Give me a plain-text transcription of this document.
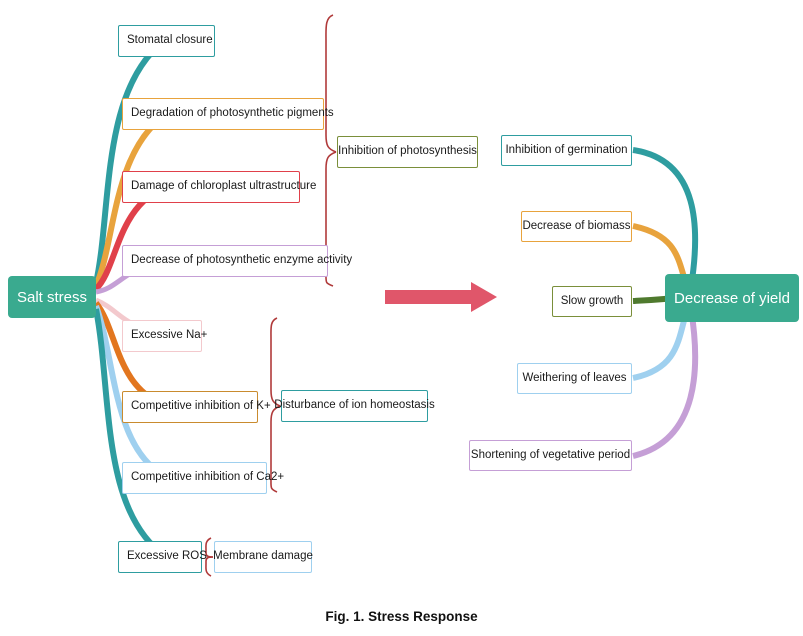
Salt stress	Decrease of yield
Stomatal closure
Degradation of photosynthetic pigments
Damage of chloroplast ultrastructure
Decrease of photosynthetic enzyme activity
Excessive Na+
Competitive inhibition of K+
Competitive inhibition of Ca2+
Excessive ROS
Inhibition of photosynthesis
Disturbance of ion homeostasis
Membrane damage
Inhibition of germination
Decrease of biomass
Slow growth
Weithering of leaves
Shortening of vegetative period
Fig. 1. Stress Response
